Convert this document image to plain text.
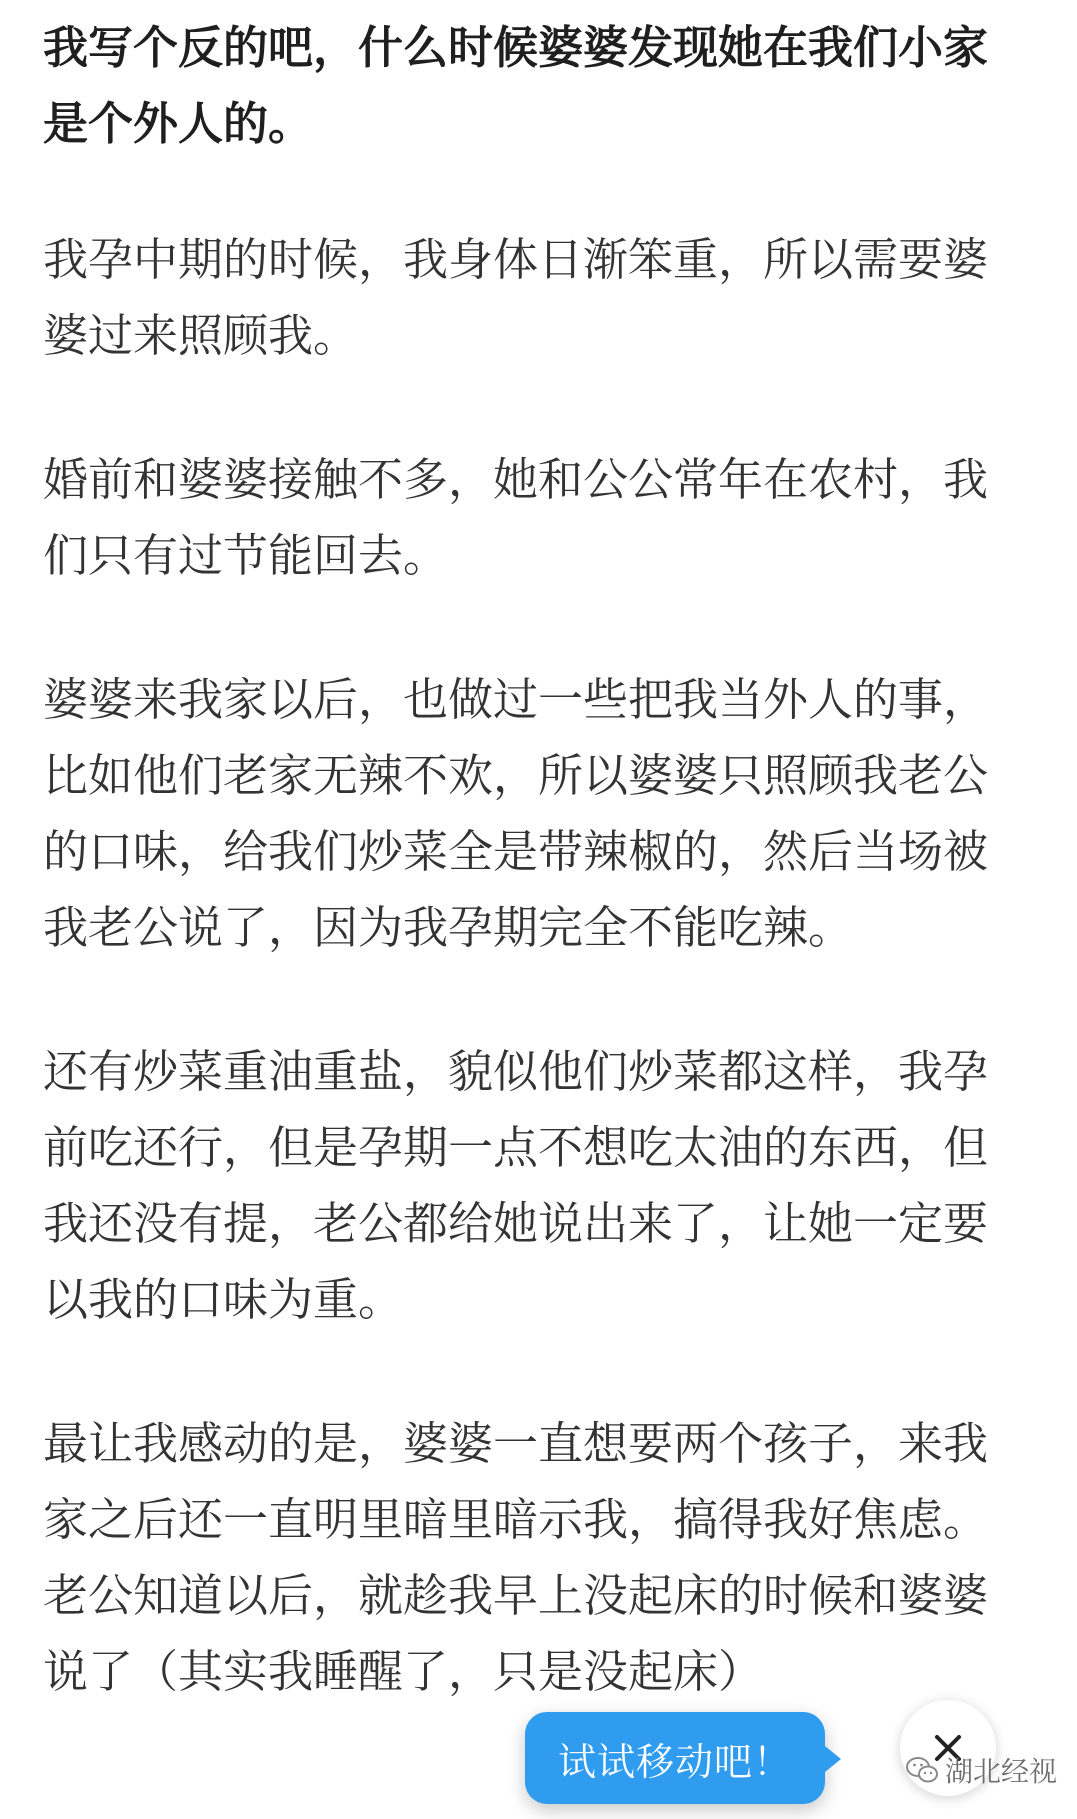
我写个反的吧，什么时候婆婆发现她在我们小家是个外人的。

我孕中期的时候，我身体日渐笨重，所以需要婆婆过来照顾我。

婚前和婆婆接触不多，她和公公常年在农村，我们只有过节能回去。

婆婆来我家以后，也做过一些把我当外人的事，比如他们老家无辣不欢，所以婆婆只照顾我老公的口味，给我们炒菜全是带辣椒的，然后当场被我老公说了，因为我孕期完全不能吃辣。

还有炒菜重油重盐，貌似他们炒菜都这样，我孕前吃还行，但是孕期一点不想吃太油的东西，但我还没有提，老公都给她说出来了，让她一定要以我的口味为重。

最让我感动的是，婆婆一直想要两个孩子，来我家之后还一直明里暗里暗示我，搞得我好焦虑。老公知道以后，就趁我早上没起床的时候和婆婆说了（其实我睡醒了，只是没起床）

试试移动吧！	湖北经视
